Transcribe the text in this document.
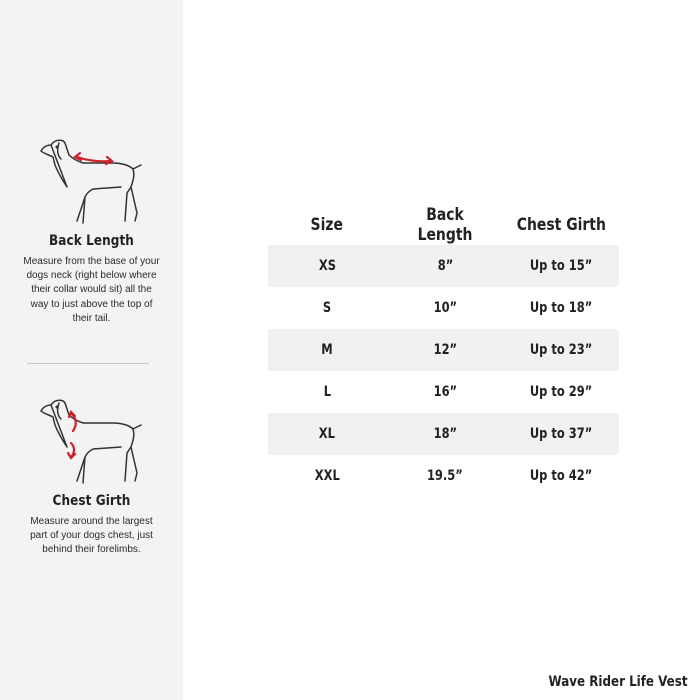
Back Length
Measure from the base of your dogs neck (right below where their collar would sit) all the way to just above the top of their tail.
Chest Girth
Measure around the largest part of your dogs chest, just behind their forelimbs.
Size	Back Length	Chest Girth
XS	8”	Up to 15”
S	10”	Up to 18”
M	12”	Up to 23”
L	16”	Up to 29”
XL	18”	Up to 37”
XXL	19.5”	Up to 42”
Wave Rider Life Vest
